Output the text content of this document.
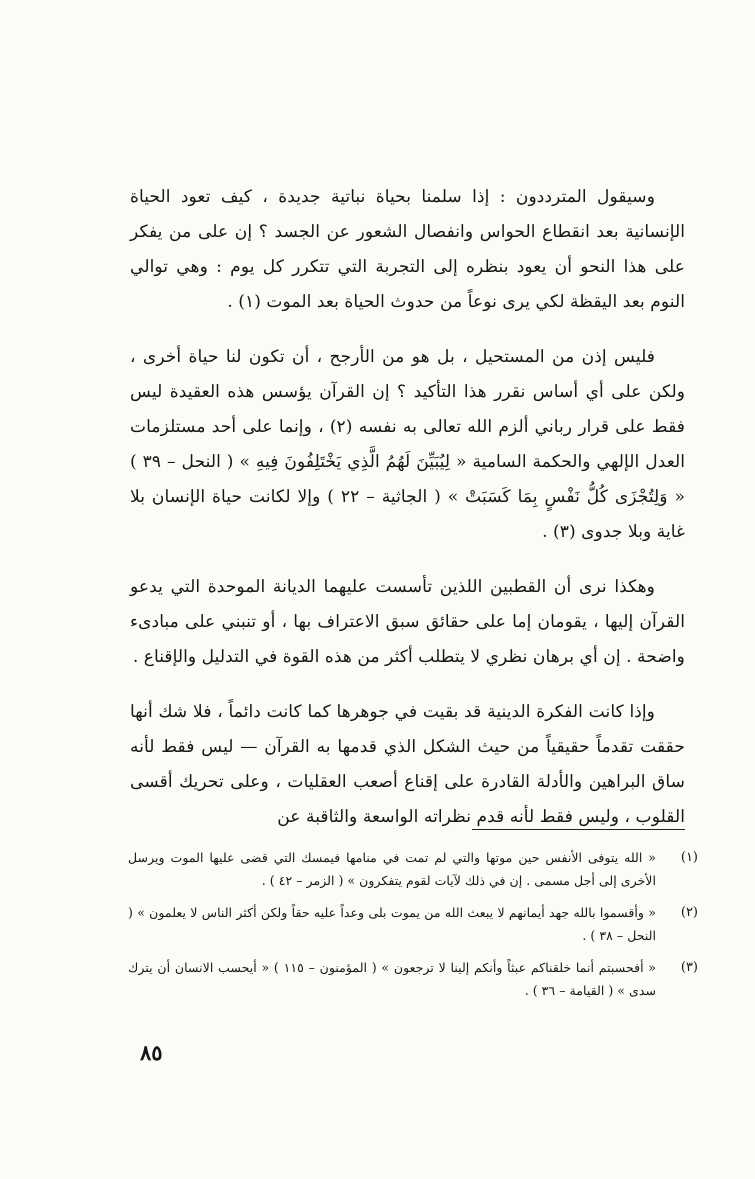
وسيقول المترددون : إذا سلمنا بحياة نباتية جديدة ، كيف تعود الحياة الإنسانية بعد انقطاع الحواس وانفصال الشعور عن الجسد ؟ إن على من يفكر على هذا النحو أن يعود بنظره إلى التجربة التي تتكرر كل يوم : وهي توالي النوم بعد اليقظة لكي يرى نوعاً من حدوث الحياة بعد الموت (١) .

فليس إذن من المستحيل ، بل هو من الأرجح ، أن تكون لنا حياة أخرى ، ولكن على أي أساس نقرر هذا التأكيد ؟ إن القرآن يؤسس هذه العقيدة ليس فقط على قرار رباني ألزم الله تعالى به نفسه (٢) ، وإنما على أحد مستلزمات العدل الإلهي والحكمة السامية « لِيُبَيِّنَ لَهُمُ الَّذِي يَخْتَلِفُونَ فِيهِ » ( النحل – ٣٩ ) « وَلِتُجْزَى كُلُّ نَفْسٍ بِمَا كَسَبَتْ » ( الجاثية – ٢٢ ) وإلا لكانت حياة الإنسان بلا غاية وبلا جدوى (٣) .

وهكذا نرى أن القطبين اللذين تأسست عليهما الديانة الموحدة التي يدعو القرآن إليها ، يقومان إما على حقائق سبق الاعتراف بها ، أو تنبني على مبادىء واضحة . إن أي برهان نظري لا يتطلب أكثر من هذه القوة في التدليل والإقناع .

وإذا كانت الفكرة الدينية قد بقيت في جوهرها كما كانت دائماً ، فلا شك أنها حققت تقدماً حقيقياً من حيث الشكل الذي قدمها به القرآن — ليس فقط لأنه ساق البراهين والأدلة القادرة على إقناع أصعب العقليات ، وعلى تحريك أقسى القلوب ، وليس فقط لأنه قدم نظراته الواسعة والثاقبة عن

(١)
« الله يتوفى الأنفس حين موتها والتي لم تمت في منامها فيمسك التي قضى عليها الموت ويرسل الأخرى إلى أجل مسمى . إن في ذلك لآيات لقوم يتفكرون » ( الزمر – ٤٢ ) .
(٢)
« وأقسموا بالله جهد أيمانهم لا يبعث الله من يموت بلى وعداً عليه حقاً ولكن أكثر الناس لا يعلمون » ( النحل – ٣٨ ) .
(٣)
« أفحسبتم أنما خلقناكم عبثاً وأنكم إلينا لا ترجعون » ( المؤمنون – ١١٥ ) « أيحسب الانسان أن يترك سدى » ( القيامة – ٣٦ ) .
٨٥
